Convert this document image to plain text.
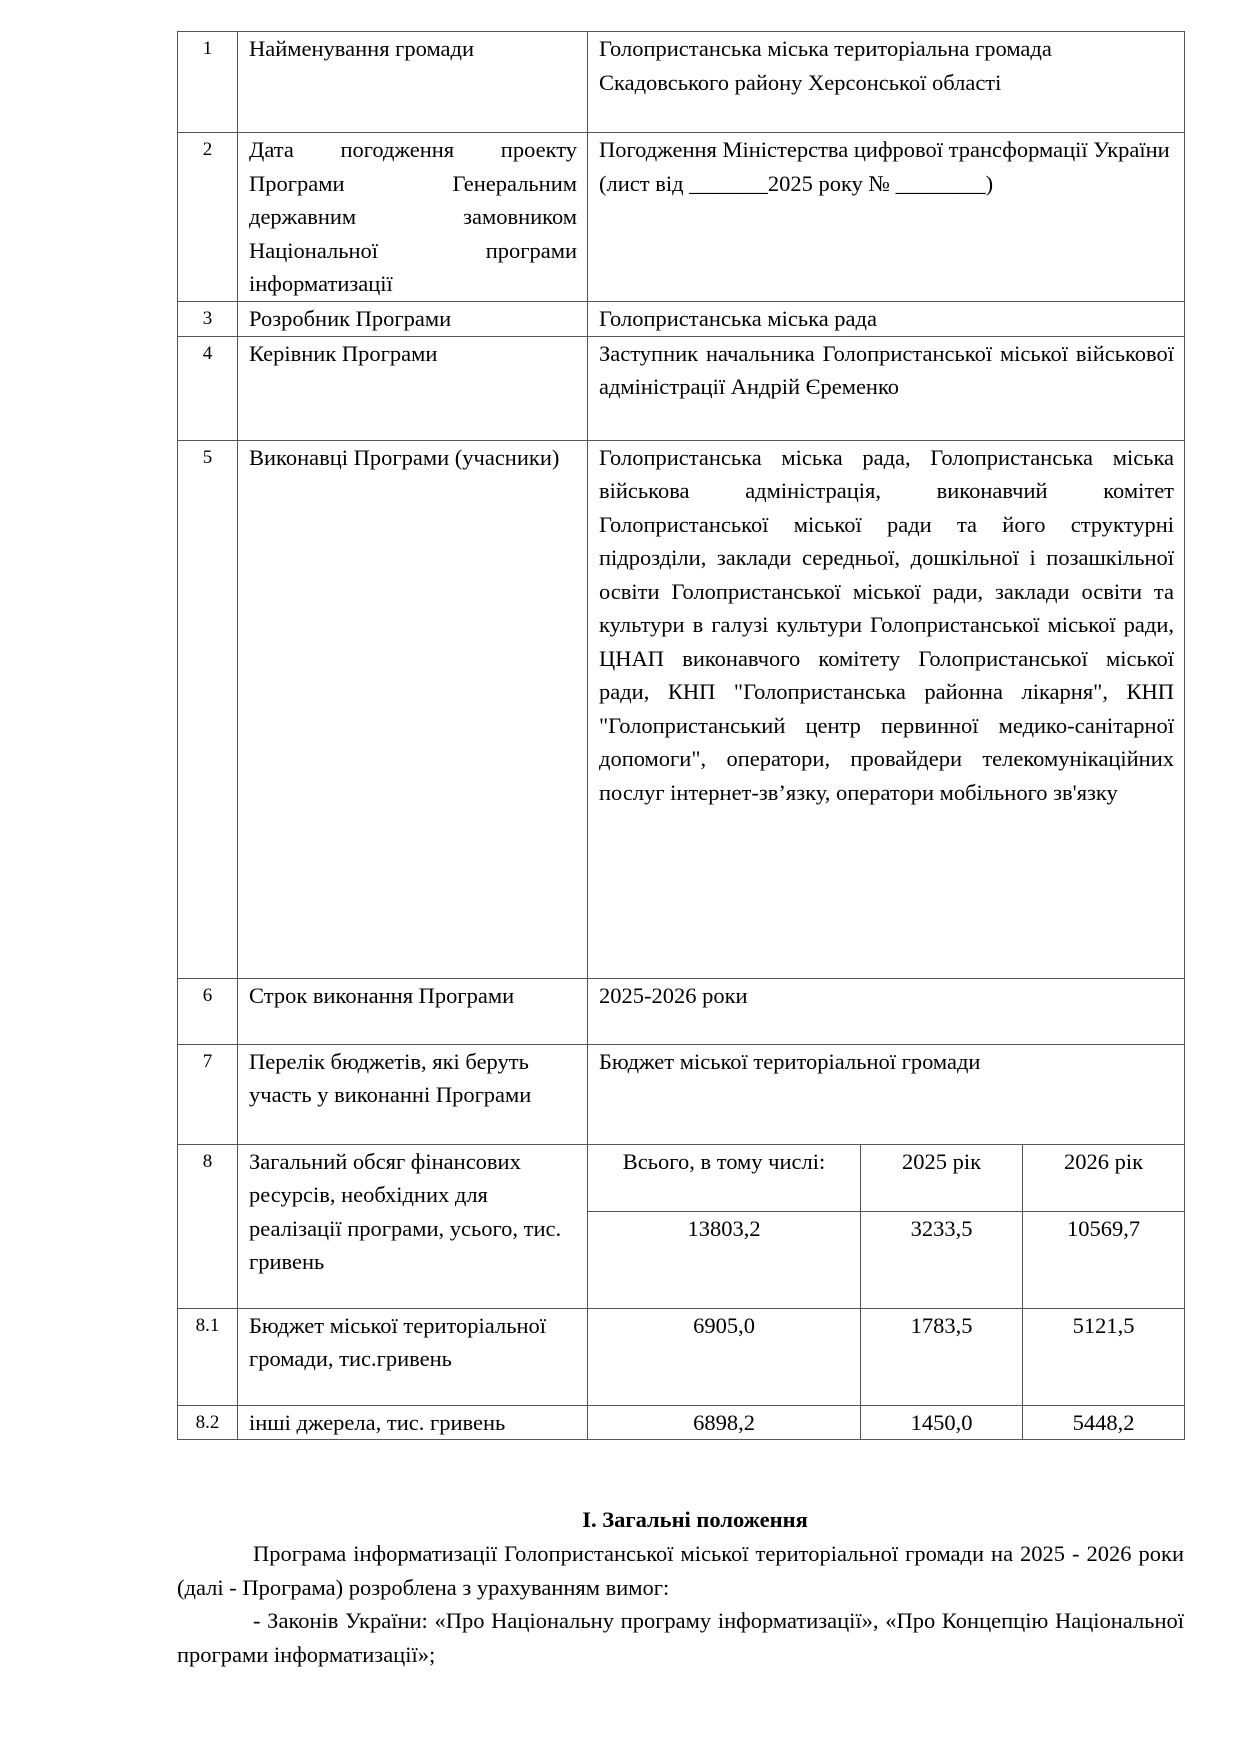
1	Найменування громади	Голопристанська міська територіальна громада Скадовського району Херсонської області		
2	Дата погодження проекту Програми Генеральним державним замовником Національної програми інформатизації	Погодження Міністерства цифрової трансформації України (лист від _______2025 року № ________)		
3	Розробник Програми	Голопристанська міська рада		
4	Керівник Програми	Заступник начальника Голопристанської міської військової адміністрації Андрій Єременко		
5	Виконавці Програми (учасники)	Голопристанська міська рада, Голопристанська міська військова адміністрація, виконавчий комітет Голопристанської міської ради та його структурні підрозділи, заклади середньої, дошкільної і позашкільної освіти Голопристанської міської ради, заклади освіти та культури в галузі культури Голопристанської міської ради, ЦНАП виконавчого комітету Голопристанської міської ради, КНП "Голопристанська районна лікарня", КНП "Голопристанський центр первинної медико-санітарної допомоги", оператори, провайдери телекомунікаційних послуг інтернет-зв’язку, оператори мобільного зв'язку		
6	Строк виконання Програми	2025-2026 роки		
7	Перелік бюджетів, які беруть участь у виконанні Програми	Бюджет міської територіальної громади		
8	Загальний обсяг фінансових ресурсів, необхідних для реалізації програми, усього, тис. гривень	Всього, в тому числі:	2025 рік	2026 рік
		13803,2	3233,5	10569,7
8.1	Бюджет міської територіальної громади, тис.гривень	6905,0	1783,5	5121,5
8.2	інші джерела, тис. гривень	6898,2	1450,0	5448,2
І. Загальні положення
Програма інформатизації Голопристанської міської територіальної громади на 2025 - 2026 роки (далі - Програма) розроблена з урахуванням вимог:
- Законів України: «Про Національну програму інформатизації», «Про Концепцію Національної програми інформатизації»;
